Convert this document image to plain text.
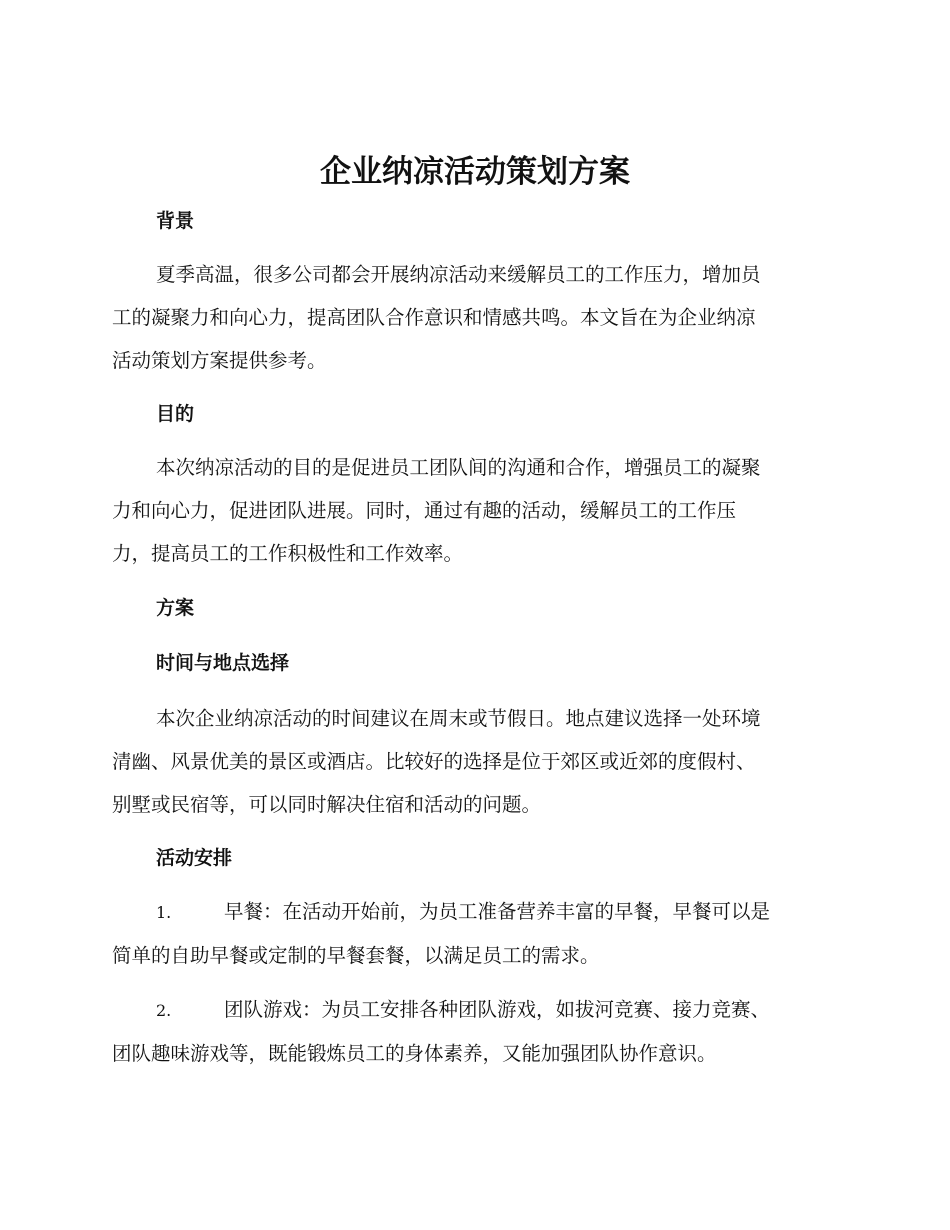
企业纳凉活动策划方案
背景

夏季高温，很多公司都会开展纳凉活动来缓解员工的工作压力，增加员
工的凝聚力和向心力，提高团队合作意识和情感共鸣。本文旨在为企业纳凉
活动策划方案提供参考。

目的

本次纳凉活动的目的是促进员工团队间的沟通和合作，增强员工的凝聚
力和向心力，促进团队进展。同时，通过有趣的活动，缓解员工的工作压
力，提高员工的工作积极性和工作效率。

方案
时间与地点选择

本次企业纳凉活动的时间建议在周末或节假日。地点建议选择一处环境
清幽、风景优美的景区或酒店。比较好的选择是位于郊区或近郊的度假村、
别墅或民宿等，可以同时解决住宿和活动的问题。

活动安排
1.	早餐：在活动开始前，为员工准备营养丰富的早餐，早餐可以是
简单的自助早餐或定制的早餐套餐，以满足员工的需求。
2.	团队游戏：为员工安排各种团队游戏，如拔河竞赛、接力竞赛、
团队趣味游戏等，既能锻炼员工的身体素养，又能加强团队协作意识。
